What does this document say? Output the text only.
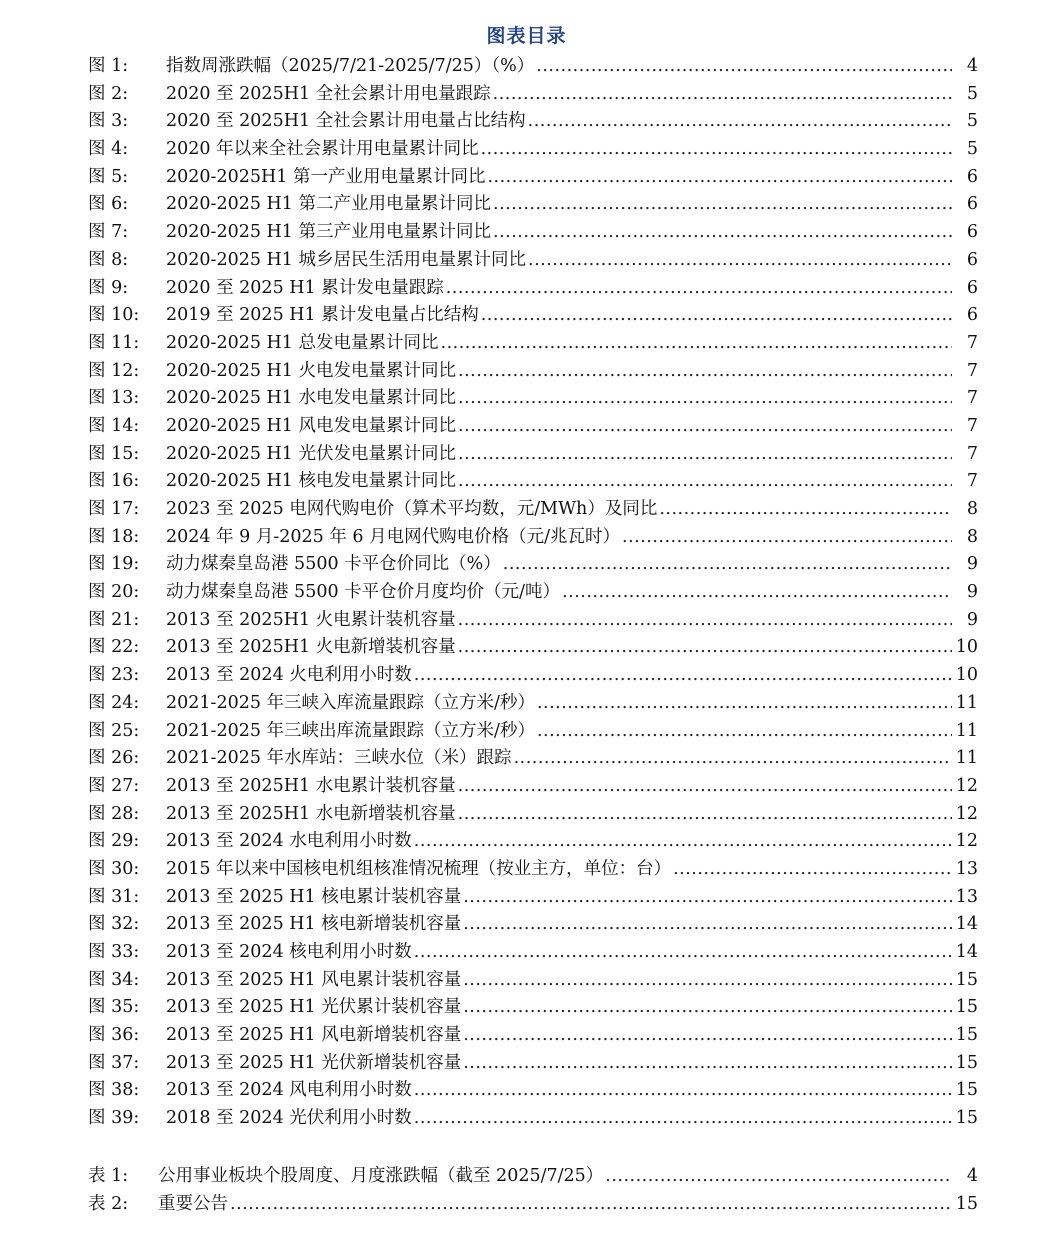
图表目录
图 1:	指数周涨跌幅（2025/7/21-2025/7/25）（%） .....	4
图 2:	2020 至 2025H1 全社会累计用电量跟踪 .....	5
图 3:	2020 至 2025H1 全社会累计用电量占比结构 .....	5
图 4:	2020 年以来全社会累计用电量累计同比 .....	5
图 5:	2020-2025H1 第一产业用电量累计同比 .....	6
图 6:	2020-2025 H1 第二产业用电量累计同比 .....	6
图 7:	2020-2025 H1 第三产业用电量累计同比 .....	6
图 8:	2020-2025 H1 城乡居民生活用电量累计同比 .....	6
图 9:	2020 至 2025 H1 累计发电量跟踪 .....	6
图 10:	2019 至 2025 H1 累计发电量占比结构 .....	6
图 11:	2020-2025 H1 总发电量累计同比 .....	7
图 12:	2020-2025 H1 火电发电量累计同比 .....	7
图 13:	2020-2025 H1 水电发电量累计同比 .....	7
图 14:	2020-2025 H1 风电发电量累计同比 .....	7
图 15:	2020-2025 H1 光伏发电量累计同比 .....	7
图 16:	2020-2025 H1 核电发电量累计同比 .....	7
图 17:	2023 至 2025 电网代购电价（算术平均数，元/MWh）及同比 .....	8
图 18:	2024 年 9 月-2025 年 6 月电网代购电价格（元/兆瓦时） .....	8
图 19:	动力煤秦皇岛港 5500 卡平仓价同比（%） .....	9
图 20:	动力煤秦皇岛港 5500 卡平仓价月度均价（元/吨） .....	9
图 21:	2013 至 2025H1 火电累计装机容量 .....	9
图 22:	2013 至 2025H1 火电新增装机容量 .....	10
图 23:	2013 至 2024 火电利用小时数 .....	10
图 24:	2021-2025 年三峡入库流量跟踪（立方米/秒） .....	11
图 25:	2021-2025 年三峡出库流量跟踪（立方米/秒） .....	11
图 26:	2021-2025 年水库站：三峡水位（米）跟踪 .....	11
图 27:	2013 至 2025H1 水电累计装机容量 .....	12
图 28:	2013 至 2025H1 水电新增装机容量 .....	12
图 29:	2013 至 2024 水电利用小时数 .....	12
图 30:	2015 年以来中国核电机组核准情况梳理（按业主方，单位：台） .....	13
图 31:	2013 至 2025 H1 核电累计装机容量 .....	13
图 32:	2013 至 2025 H1 核电新增装机容量 .....	14
图 33:	2013 至 2024 核电利用小时数 .....	14
图 34:	2013 至 2025 H1 风电累计装机容量 .....	15
图 35:	2013 至 2025 H1 光伏累计装机容量 .....	15
图 36:	2013 至 2025 H1 风电新增装机容量 .....	15
图 37:	2013 至 2025 H1 光伏新增装机容量 .....	15
图 38:	2013 至 2024 风电利用小时数 .....	15
图 39:	2018 至 2024 光伏利用小时数 .....	15
表 1:	公用事业板块个股周度、月度涨跌幅（截至 2025/7/25） .....	4
表 2:	重要公告 .....	15
